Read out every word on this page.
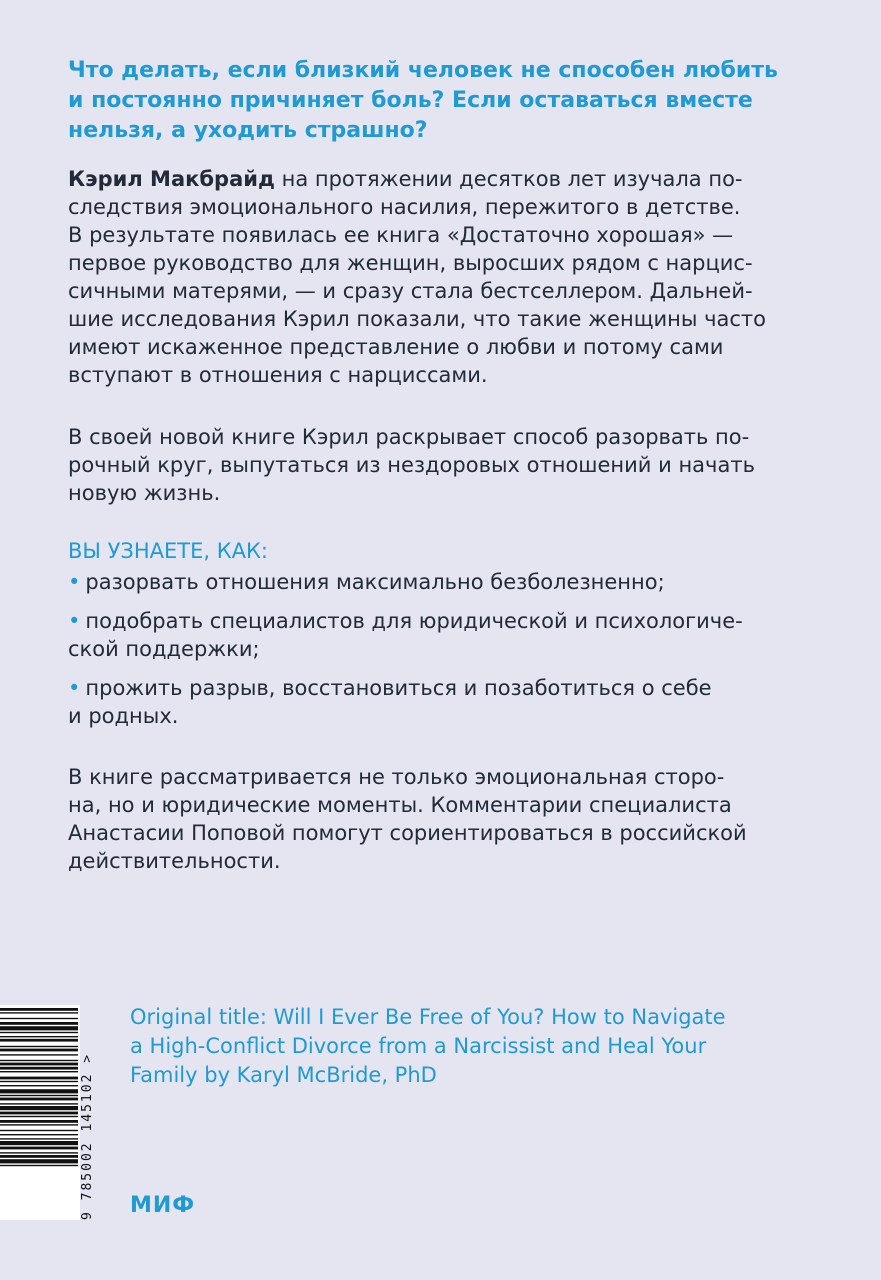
Что делать, если близкий человек не способен любить
и постоянно причиняет боль? Если оставаться вместе
нельзя, а уходить страшно?

Кэрил Макбрайд на протяжении десятков лет изучала по-
следствия эмоционального насилия, пережитого в детстве.
В результате появилась ее книга «Достаточно хорошая» —
первое руководство для женщин, выросших рядом с нарцис-
сичными матерями, — и сразу стала бестселлером. Дальней-
шие исследования Кэрил показали, что такие женщины часто
имеют искаженное представление о любви и потому сами
вступают в отношения с нарциссами.

В своей новой книге Кэрил раскрывает способ разорвать по-
рочный круг, выпутаться из нездоровых отношений и начать
новую жизнь.

ВЫ УЗНАЕТЕ, КАК:

• разорвать отношения максимально безболезненно;
• подобрать специалистов для юридической и психологиче-
ской поддержки;
• прожить разрыв, восстановиться и позаботиться о себе
и родных.

В книге рассматривается не только эмоциональная сторо-
на, но и юридические моменты. Комментарии специалиста
Анастасии Поповой помогут сориентироваться в российской
действительности.

9 785002 145102 >

Original title: Will I Ever Be Free of You? How to Navigate
a High-Conflict Divorce from a Narcissist and Heal Your
Family by Karyl McBride, PhD

МИФ
